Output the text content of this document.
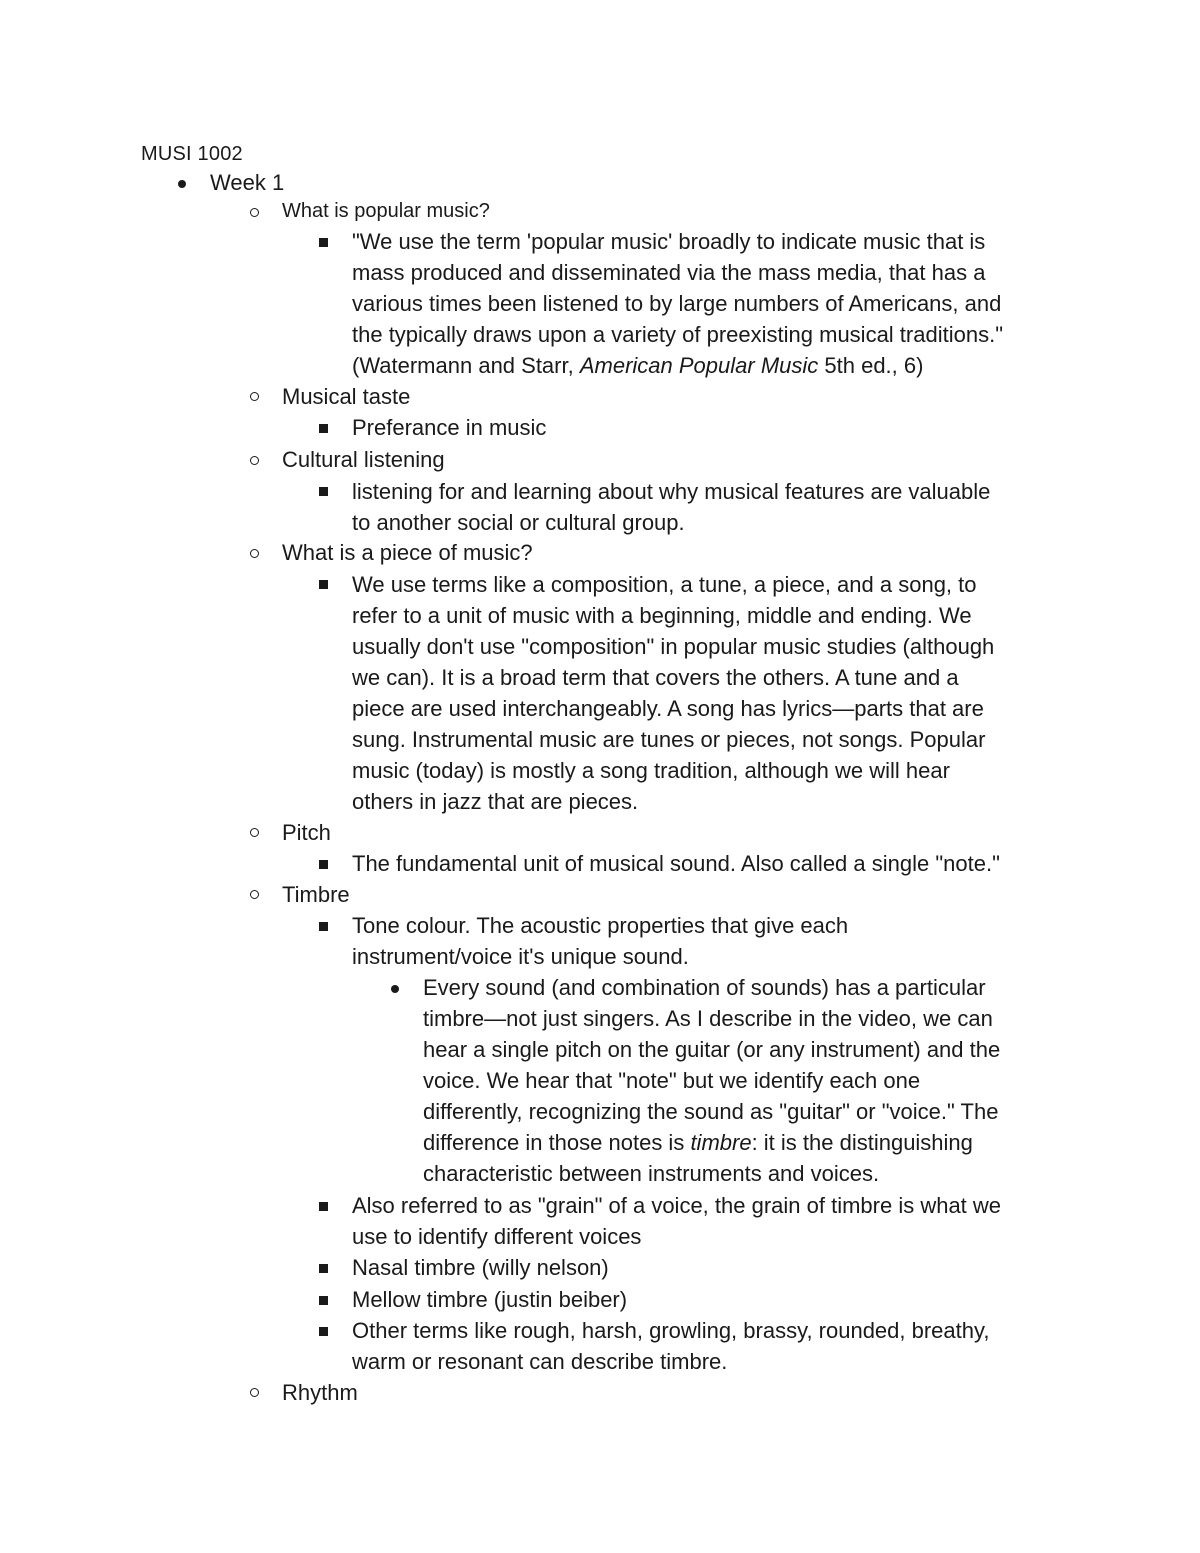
MUSI 1002
Week 1
What is popular music?
"We use the term 'popular music' broadly to indicate music that is
mass produced and disseminated via the mass media, that has a
various times been listened to by large numbers of Americans, and
the typically draws upon a variety of preexisting musical traditions."
(Watermann and Starr, American Popular Music 5th ed., 6)
Musical taste
Preferance in music
Cultural listening
listening for and learning about why musical features are valuable
to another social or cultural group.
What is a piece of music?
We use terms like a composition, a tune, a piece, and a song, to
refer to a unit of music with a beginning, middle and ending. We
usually don't use "composition" in popular music studies (although
we can). It is a broad term that covers the others. A tune and a
piece are used interchangeably. A song has lyrics—parts that are
sung. Instrumental music are tunes or pieces, not songs. Popular
music (today) is mostly a song tradition, although we will hear
others in jazz that are pieces.
Pitch
The fundamental unit of musical sound. Also called a single "note."
Timbre
Tone colour. The acoustic properties that give each
instrument/voice it's unique sound.
Every sound (and combination of sounds) has a particular
timbre—not just singers. As I describe in the video, we can
hear a single pitch on the guitar (or any instrument) and the
voice. We hear that "note" but we identify each one
differently, recognizing the sound as "guitar" or "voice." The
difference in those notes is timbre: it is the distinguishing
characteristic between instruments and voices.
Also referred to as "grain" of a voice, the grain of timbre is what we
use to identify different voices
Nasal timbre (willy nelson)
Mellow timbre (justin beiber)
Other terms like rough, harsh, growling, brassy, rounded, breathy,
warm or resonant can describe timbre.
Rhythm
